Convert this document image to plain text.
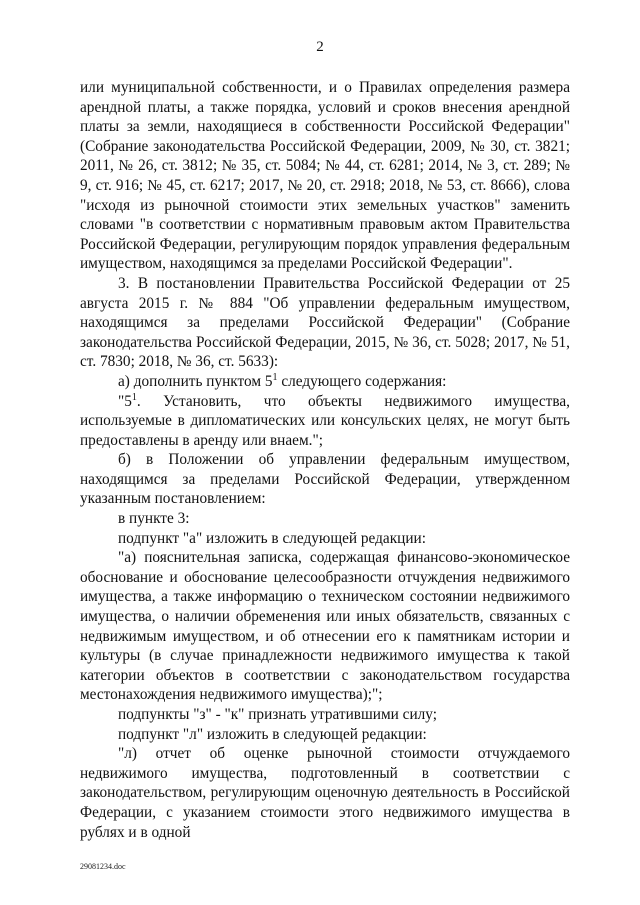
2

или муниципальной собственности, и о Правилах определения размера арендной платы, а также порядка, условий и сроков внесения арендной платы за земли, находящиеся в собственности Российской Федерации" (Собрание законодательства Российской Федерации, 2009, № 30, ст. 3821; 2011, № 26, ст. 3812; № 35, ст. 5084; № 44, ст. 6281; 2014, № 3, ст. 289; № 9, ст. 916; № 45, ст. 6217; 2017, № 20, ст. 2918; 2018, № 53, ст. 8666), слова "исходя из рыночной стоимости этих земельных участков" заменить словами "в соответствии с нормативным правовым актом Правительства Российской Федерации, регулирующим порядок управления федеральным имуществом, находящимся за пределами Российской Федерации".

3. В постановлении Правительства Российской Федерации от 25 августа 2015 г. № 884 "Об управлении федеральным имуществом, находящимся за пределами Российской Федерации" (Собрание законодательства Российской Федерации, 2015, № 36, ст. 5028; 2017, № 51, ст. 7830; 2018, № 36, ст. 5633):

а) дополнить пунктом $5^1$ следующего содержания:

"$5^1$. Установить, что объекты недвижимого имущества, используемые в дипломатических или консульских целях, не могут быть предоставлены в аренду или внаем.";

б) в Положении об управлении федеральным имуществом, находящимся за пределами Российской Федерации, утвержденном указанным постановлением:

в пункте 3:

подпункт "а" изложить в следующей редакции:

"а) пояснительная записка, содержащая финансово-экономическое обоснование и обоснование целесообразности отчуждения недвижимого имущества, а также информацию о техническом состоянии недвижимого имущества, о наличии обременения или иных обязательств, связанных с недвижимым имуществом, и об отнесении его к памятникам истории и культуры (в случае принадлежности недвижимого имущества к такой категории объектов в соответствии с законодательством государства местонахождения недвижимого имущества);";

подпункты "з" - "к" признать утратившими силу;

подпункт "л" изложить в следующей редакции:

"л) отчет об оценке рыночной стоимости отчуждаемого недвижимого имущества, подготовленный в соответствии с законодательством, регулирующим оценочную деятельность в Российской Федерации, с указанием стоимости этого недвижимого имущества в рублях и в одной

29081234.doc
